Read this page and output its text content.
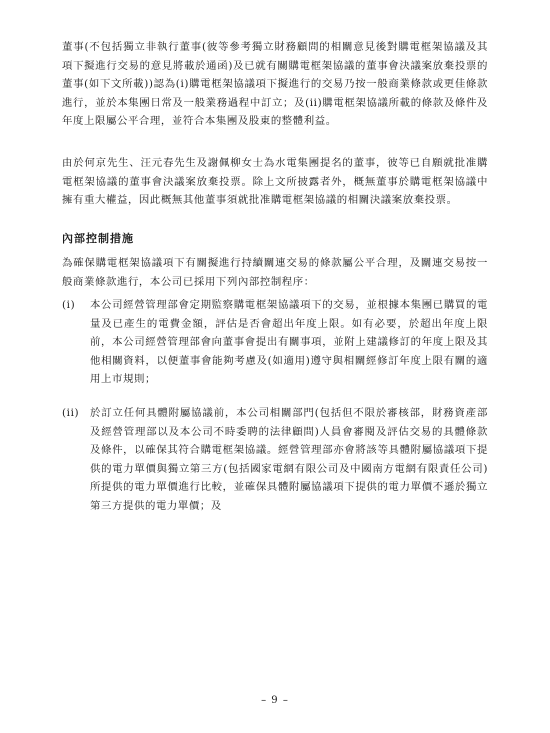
董事(不包括獨立非執行董事(彼等參考獨立財務顧問的相關意見後對購電框架協議及其項下擬進行交易的意見將載於通函)及已就有關購電框架協議的董事會決議案放棄投票的董事(如下文所載))認為(i)購電框架協議項下擬進行的交易乃按一般商業條款或更佳條款進行，並於本集團日常及一般業務過程中訂立；及(ii)購電框架協議所載的條款及條件及年度上限屬公平合理，並符合本集團及股東的整體利益。

由於何京先生、汪元春先生及謝佩柳女士為水電集團提名的董事，彼等已自願就批准購電框架協議的董事會決議案放棄投票。除上文所披露者外，概無董事於購電框架協議中擁有重大權益，因此概無其他董事須就批准購電框架協議的相關決議案放棄投票。

內部控制措施

為確保購電框架協議項下有關擬進行持續關連交易的條款屬公平合理，及關連交易按一般商業條款進行，本公司已採用下列內部控制程序：

(i) 本公司經營管理部會定期監察購電框架協議項下的交易，並根據本集團已購買的電量及已產生的電費金額，評估是否會超出年度上限。如有必要，於超出年度上限前，本公司經營管理部會向董事會提出有關事項，並附上建議修訂的年度上限及其他相關資料，以便董事會能夠考慮及(如適用)遵守與相關經修訂年度上限有關的適用上市規則；

(ii) 於訂立任何具體附屬協議前，本公司相關部門(包括但不限於審核部，財務資產部及經營管理部以及本公司不時委聘的法律顧問)人員會審閱及評估交易的具體條款及條件，以確保其符合購電框架協議。經營管理部亦會將該等具體附屬協議項下提供的電力單價與獨立第三方(包括國家電網有限公司及中國南方電網有限責任公司)所提供的電力單價進行比較，並確保具體附屬協議項下提供的電力單價不遜於獨立第三方提供的電力單價；及

– 9 –
